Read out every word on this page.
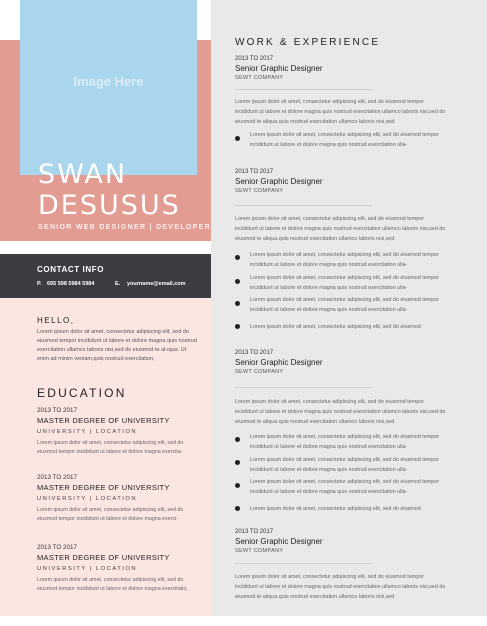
Image Here
SWAN
DESUSUS
SENIOR WEB DESIGNER | DEVELOPER
CONTACT INFO
P. 695 598 5984 5984	E. yourname@email.com
HELLO,
Lorem ipsum dolor sit amet, consectetur adipiscing elit, sed do eiusmod tempor incididunt ut labore et dolore magna quis nostrud exercitation ullamco laboris nisi,sed do eiusmod te al-iqua. Ut enim ad minim veniam,quis nostrud exercitation,
EDUCATION
2013 TO 2017
MASTER DEGREE OF UNIVERSITY
UNIVERSITY | LOCATION
Lorem ipsum dolor sit amet, consectetur adipiscing elit, sed do eiusmod tempor incididunt ut labore et dolore magna exercita-
2013 TO 2017
MASTER DEGREE OF UNIVERSITY
UNIVERSITY | LOCATION
Lorem ipsum dolor sit amet, consectetur adipiscing elit, sed do eiusmod tempor incididunt ut labore et dolore magna exerci-
2013 TO 2017
MASTER DEGREE OF UNIVERSITY
UNIVERSITY | LOCATION
Lorem ipsum dolor sit amet, consectetur adipiscing elit, sed do eiusmod tempor incididunt ut labore et dolore magna exercitatio,
WORK & EXPERIENCE
2013 TO 2017
Senior Graphic Designer
SEWT COMPANY
Lorem ipsum dolor sit amet, consectetur adipiscing elit, sed do eiusmod tempor incididunt ut labore et dolore magna quis nostrud exercitation ullamco laboris nisi,sed do eiusmod te aliqua.quis nostrud exercitation ullamco laboris nisi,sed
Lorem ipsum dolor sit amet, consectetur adipiscing elit, sed do eiusmod tempor incididunt ut labore et dolore magna quis nostrud exercitation ulla-
2013 TO 2017
Senior Graphic Designer
SEWT COMPANY
Lorem ipsum dolor sit amet, consectetur adipiscing elit, sed do eiusmod tempor incididunt ut labore et dolore magna quis nostrud exercitation ullamco laboris nisi,sed do eiusmod te aliqua.quis nostrud exercitation ullamco laboris nisi,sed
Lorem ipsum dolor sit amet, consectetur adipiscing elit, sed do eiusmod tempor incididunt ut labore et dolore magna quis nostrud exercitation ulla-
Lorem ipsum dolor sit amet, consectetur adipiscing elit, sed do eiusmod tempor incididunt ut labore et dolore magna quis nostrud exercitation ulla-
Lorem ipsum dolor sit amet, consectetur adipiscing elit, sed do eiusmod tempor incididunt ut labore et dolore magna quis nostrud exercitation ulla-
Lorem ipsum dolor sit amet, consectetur adipiscing elit, sed do eiusmod
2013 TO 2017
Senior Graphic Designer
SEWT COMPANY
Lorem ipsum dolor sit amet, consectetur adipiscing elit, sed do eiusmod tempor incididunt ut labore et dolore magna quis nostrud exercitation ullamco laboris nisi,sed do eiusmod te aliqua.quis nostrud exercitation ullamco laboris nisi,sed
Lorem ipsum dolor sit amet, consectetur adipiscing elit, sed do eiusmod tempor incididunt ut labore et dolore magna quis nostrud exercitation ulla-
Lorem ipsum dolor sit amet, consectetur adipiscing elit, sed do eiusmod tempor incididunt ut labore et dolore magna quis nostrud exercitation ulla-
Lorem ipsum dolor sit amet, consectetur adipiscing elit, sed do eiusmod tempor incididunt ut labore et dolore magna quis nostrud exercitation ulla-
Lorem ipsum dolor sit amet, consectetur adipiscing elit, sed do eiusmod
2013 TO 2017
Senior Graphic Designer
SEWT COMPANY
Lorem ipsum dolor sit amet, consectetur adipiscing elit, sed do eiusmod tempor incididunt ut labore et dolore magna quis nostrud exercitation ullamco laboris nisi,sed do eiusmod te aliqua.quis nostrud exercitation ullamco laboris nisi,sed
